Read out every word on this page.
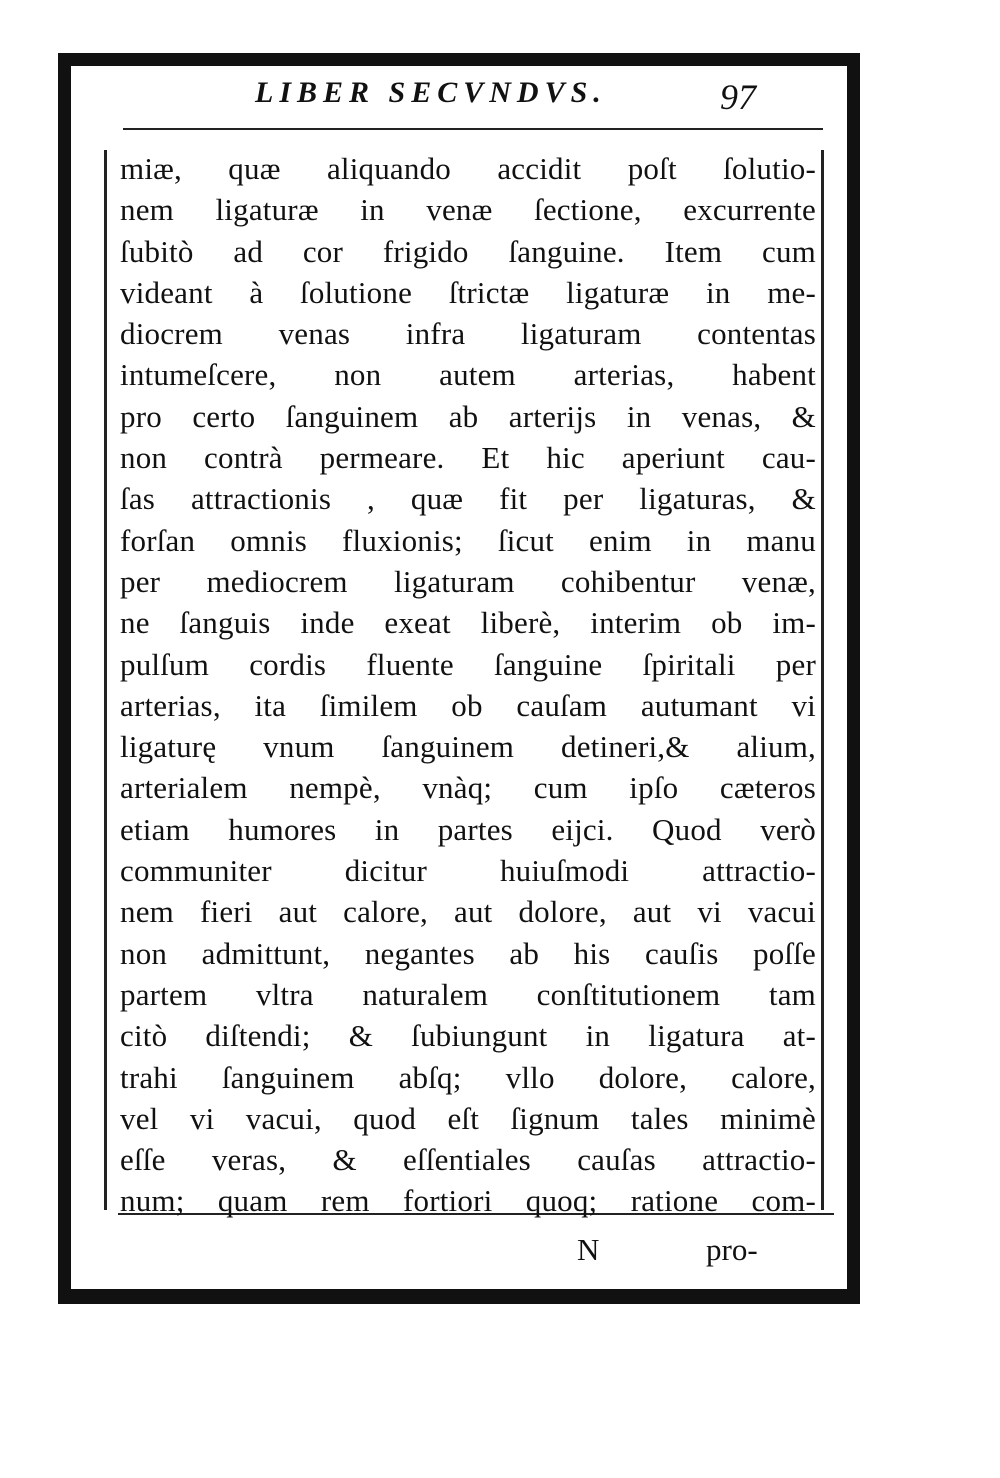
LIBER SECVNDVS.	97
miæ, quæ aliquando accidit poſt ſolutio-
nem ligaturæ in venæ ſectione, excurrente
ſubitò ad cor frigido ſanguine. Item cum
videant à ſolutione ſtrictæ ligaturæ in me-
diocrem venas infra ligaturam contentas
intumeſcere, non autem arterias, habent
pro certo ſanguinem ab arterijs in venas, &
non contrà permeare. Et hic aperiunt cau-
ſas attractionis , quæ fit per ligaturas, &
forſan omnis fluxionis; ſicut enim in manu
per mediocrem ligaturam cohibentur venæ,
ne ſanguis inde exeat liberè, interim ob im-
pulſum cordis fluente ſanguine ſpiritali per
arterias, ita ſimilem ob cauſam autumant vi
ligaturę vnum ſanguinem detineri,& alium,
arterialem nempè, vnàq; cum ipſo cæteros
etiam humores in partes eijci. Quod verò
communiter dicitur huiuſmodi attractio-
nem fieri aut calore, aut dolore, aut vi vacui
non admittunt, negantes ab his cauſis poſſe
partem vltra naturalem conſtitutionem tam
citò diſtendi; & ſubiungunt in ligatura at-
trahi ſanguinem abſq; vllo dolore, calore,
vel vi vacui, quod eſt ſignum tales minimè
eſſe veras, & eſſentiales cauſas attractio-
num; quam rem fortiori quoq; ratione com-
N	pro-
